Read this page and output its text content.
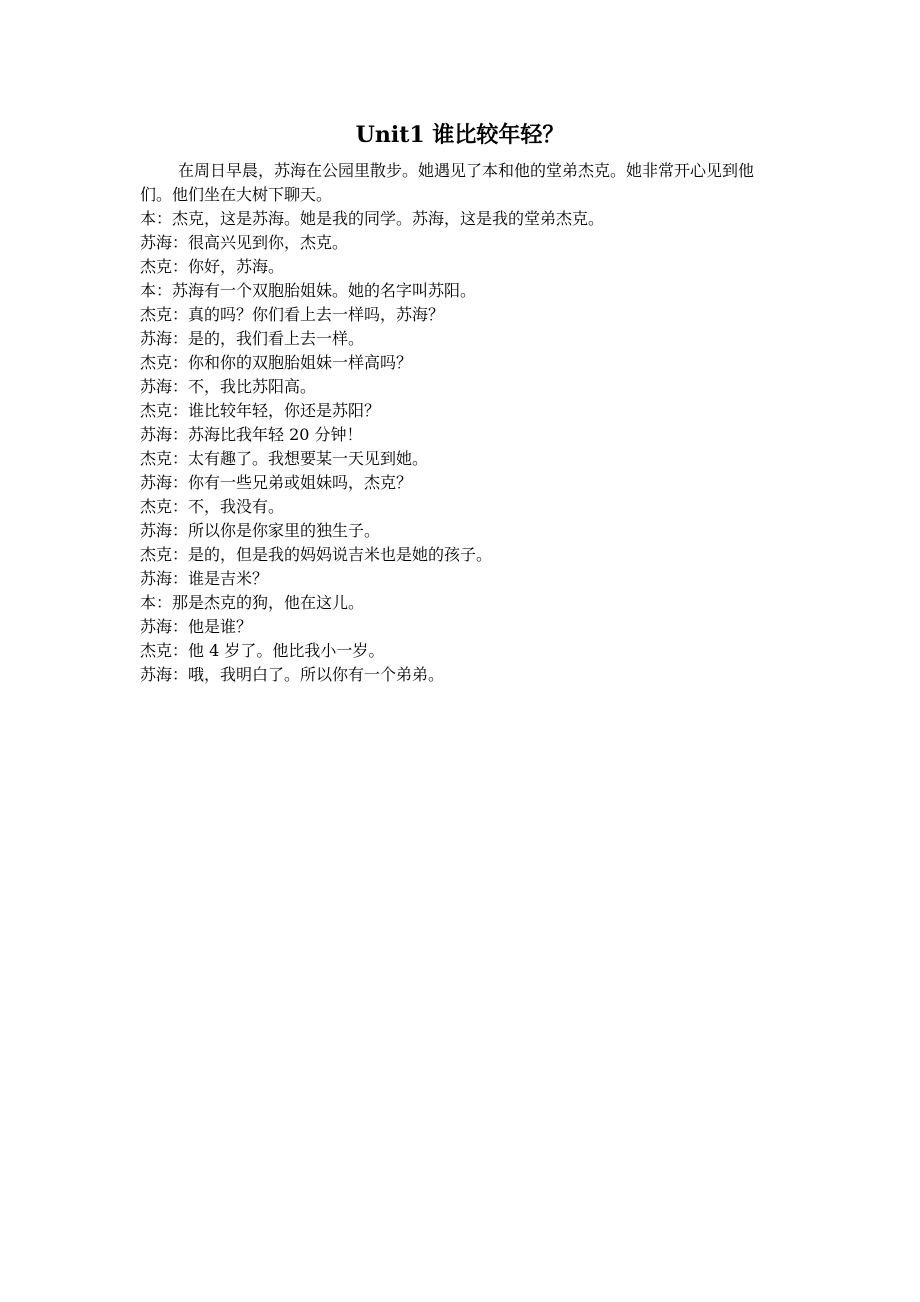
Unit1 谁比较年轻？

在周日早晨，苏海在公园里散步。她遇见了本和他的堂弟杰克。她非常开心见到他们。他们坐在大树下聊天。

本：杰克，这是苏海。她是我的同学。苏海，这是我的堂弟杰克。

苏海：很高兴见到你，杰克。

杰克：你好，苏海。

本：苏海有一个双胞胎姐妹。她的名字叫苏阳。

杰克：真的吗？你们看上去一样吗，苏海？

苏海：是的，我们看上去一样。

杰克：你和你的双胞胎姐妹一样高吗？

苏海：不，我比苏阳高。

杰克：谁比较年轻，你还是苏阳？

苏海：苏海比我年轻 20 分钟！

杰克：太有趣了。我想要某一天见到她。

苏海：你有一些兄弟或姐妹吗，杰克？

杰克：不，我没有。

苏海：所以你是你家里的独生子。

杰克：是的，但是我的妈妈说吉米也是她的孩子。

苏海：谁是吉米？

本：那是杰克的狗，他在这儿。

苏海：他是谁？

杰克：他 4 岁了。他比我小一岁。

苏海：哦，我明白了。所以你有一个弟弟。
